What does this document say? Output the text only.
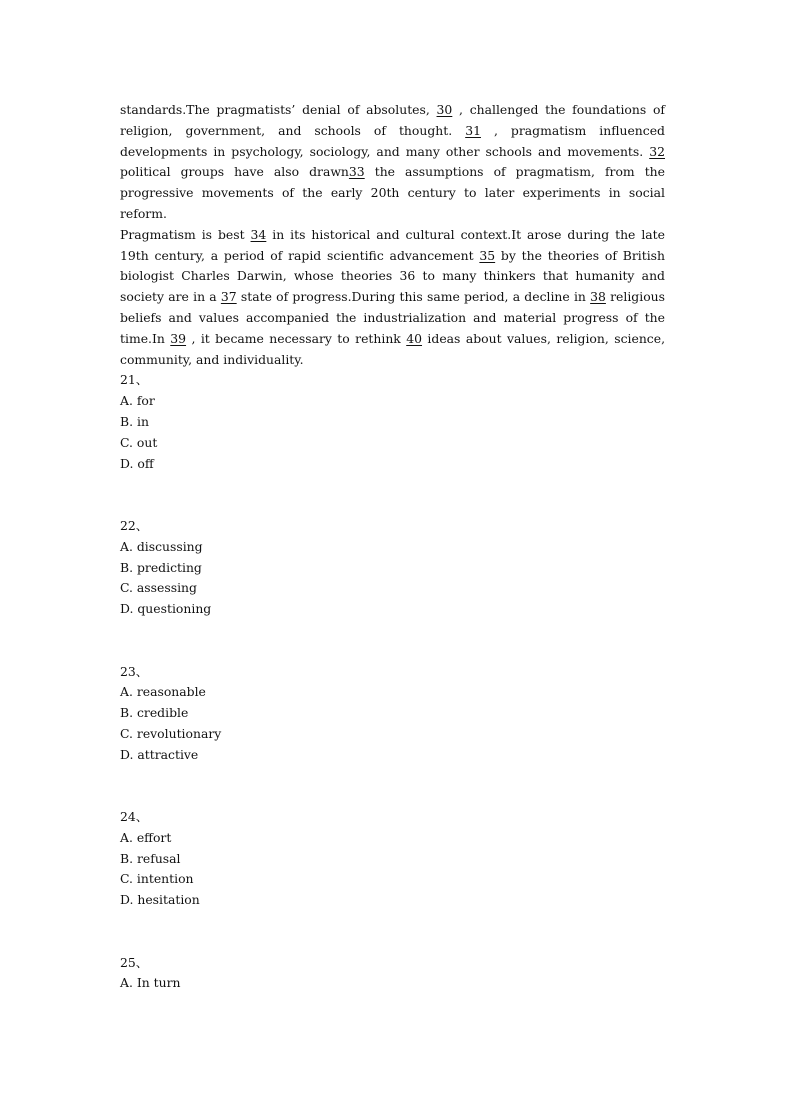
standards.The pragmatists’ denial of absolutes, 30 , challenged the foundations of religion, government, and schools of thought. 31 , pragmatism influenced developments in psychology, sociology, and many other schools and movements. 32 political groups have also drawn33 the assumptions of pragmatism, from the progressive movements of the early 20th century to later experiments in social reform.

Pragmatism is best 34 in its historical and cultural context.It arose during the late 19th century, a period of rapid scientific advancement 35 by the theories of British biologist Charles Darwin, whose theories 36 to many thinkers that humanity and society are in a 37 state of progress.During this same period, a decline in 38 religious beliefs and values accompanied the industrialization and material progress of the time.In 39 , it became necessary to rethink 40 ideas about values, religion, science, community, and individuality.

21、
A. for
B. in
C. out
D. off
22、
A. discussing
B. predicting
C. assessing
D. questioning
23、
A. reasonable
B. credible
C. revolutionary
D. attractive
24、
A. effort
B. refusal
C. intention
D. hesitation
25、
A. In turn
